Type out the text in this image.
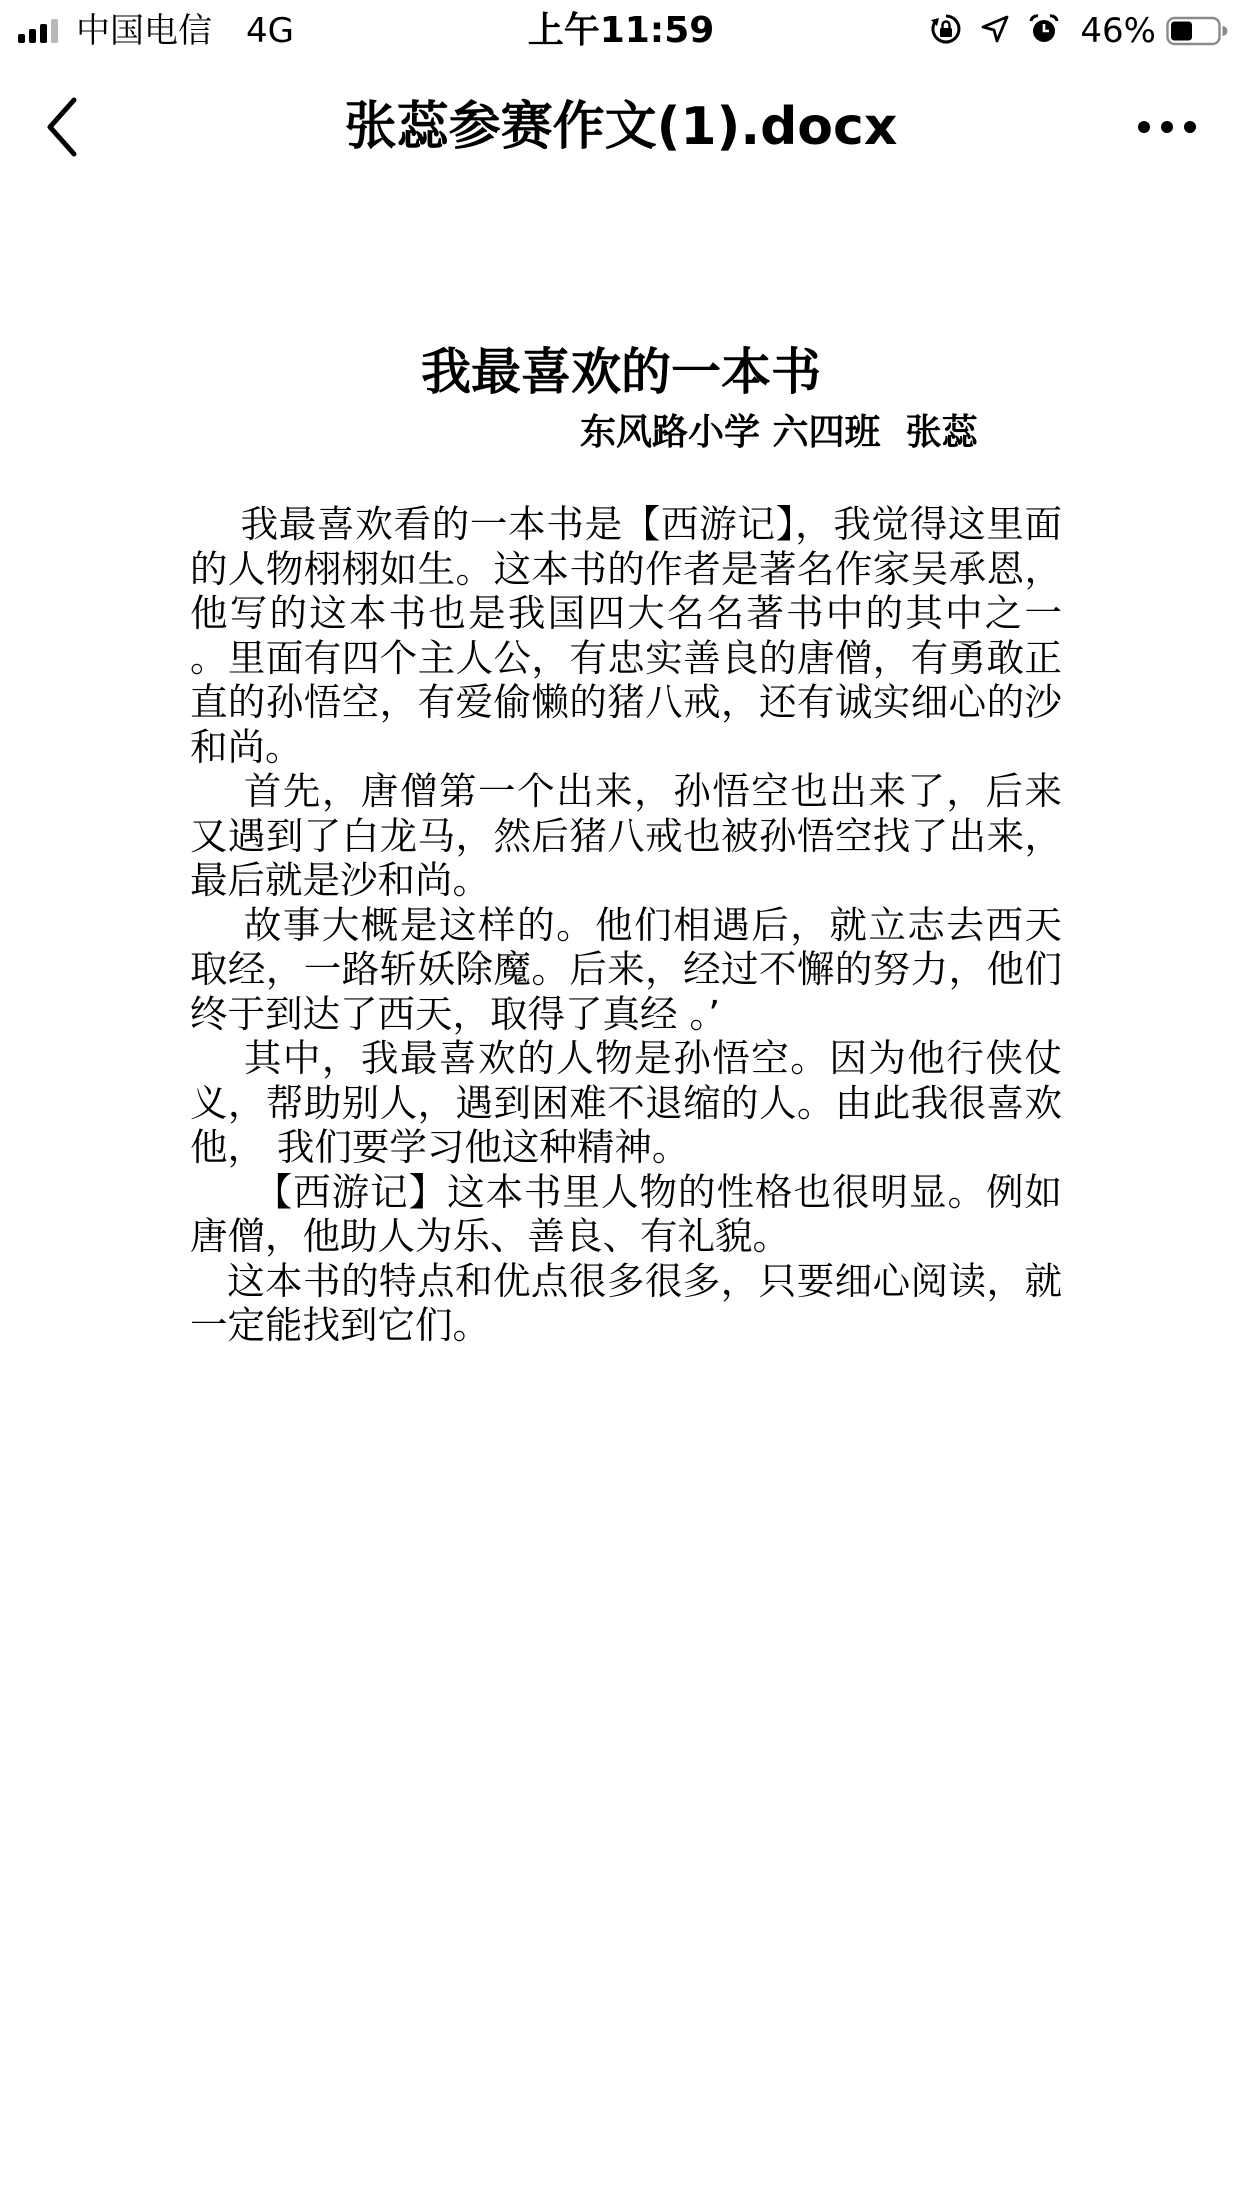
中国电信 4G	上午11:59	46%
张蕊参赛作文(1).docx
我最喜欢的一本书
东风路小学 六四班  张蕊

我最喜欢看的一本书是【西游记】，我觉得这里面的人物栩栩如生。这本书的作者是著名作家吴承恩，他写的这本书也是我国四大名名著书中的其中之一 。里面有四个主人公，有忠实善良的唐僧，有勇敢正直的孙悟空，有爱偷懒的猪八戒，还有诚实细心的沙和尚。

首先，唐僧第一个出来，孙悟空也出来了，后来又遇到了白龙马，然后猪八戒也被孙悟空找了出来，最后就是沙和尚。

故事大概是这样的。他们相遇后，就立志去西天取经，一路斩妖除魔。后来，经过不懈的努力，他们终于到达了西天，取得了真经 。’

其中，我最喜欢的人物是孙悟空。因为他行侠仗义，帮助别人，遇到困难不退缩的人。由此我很喜欢他， 我们要学习他这种精神。

【西游记】这本书里人物的性格也很明显。例如唐僧，他助人为乐、善良、有礼貌。

这本书的特点和优点很多很多，只要细心阅读，就一定能找到它们。
